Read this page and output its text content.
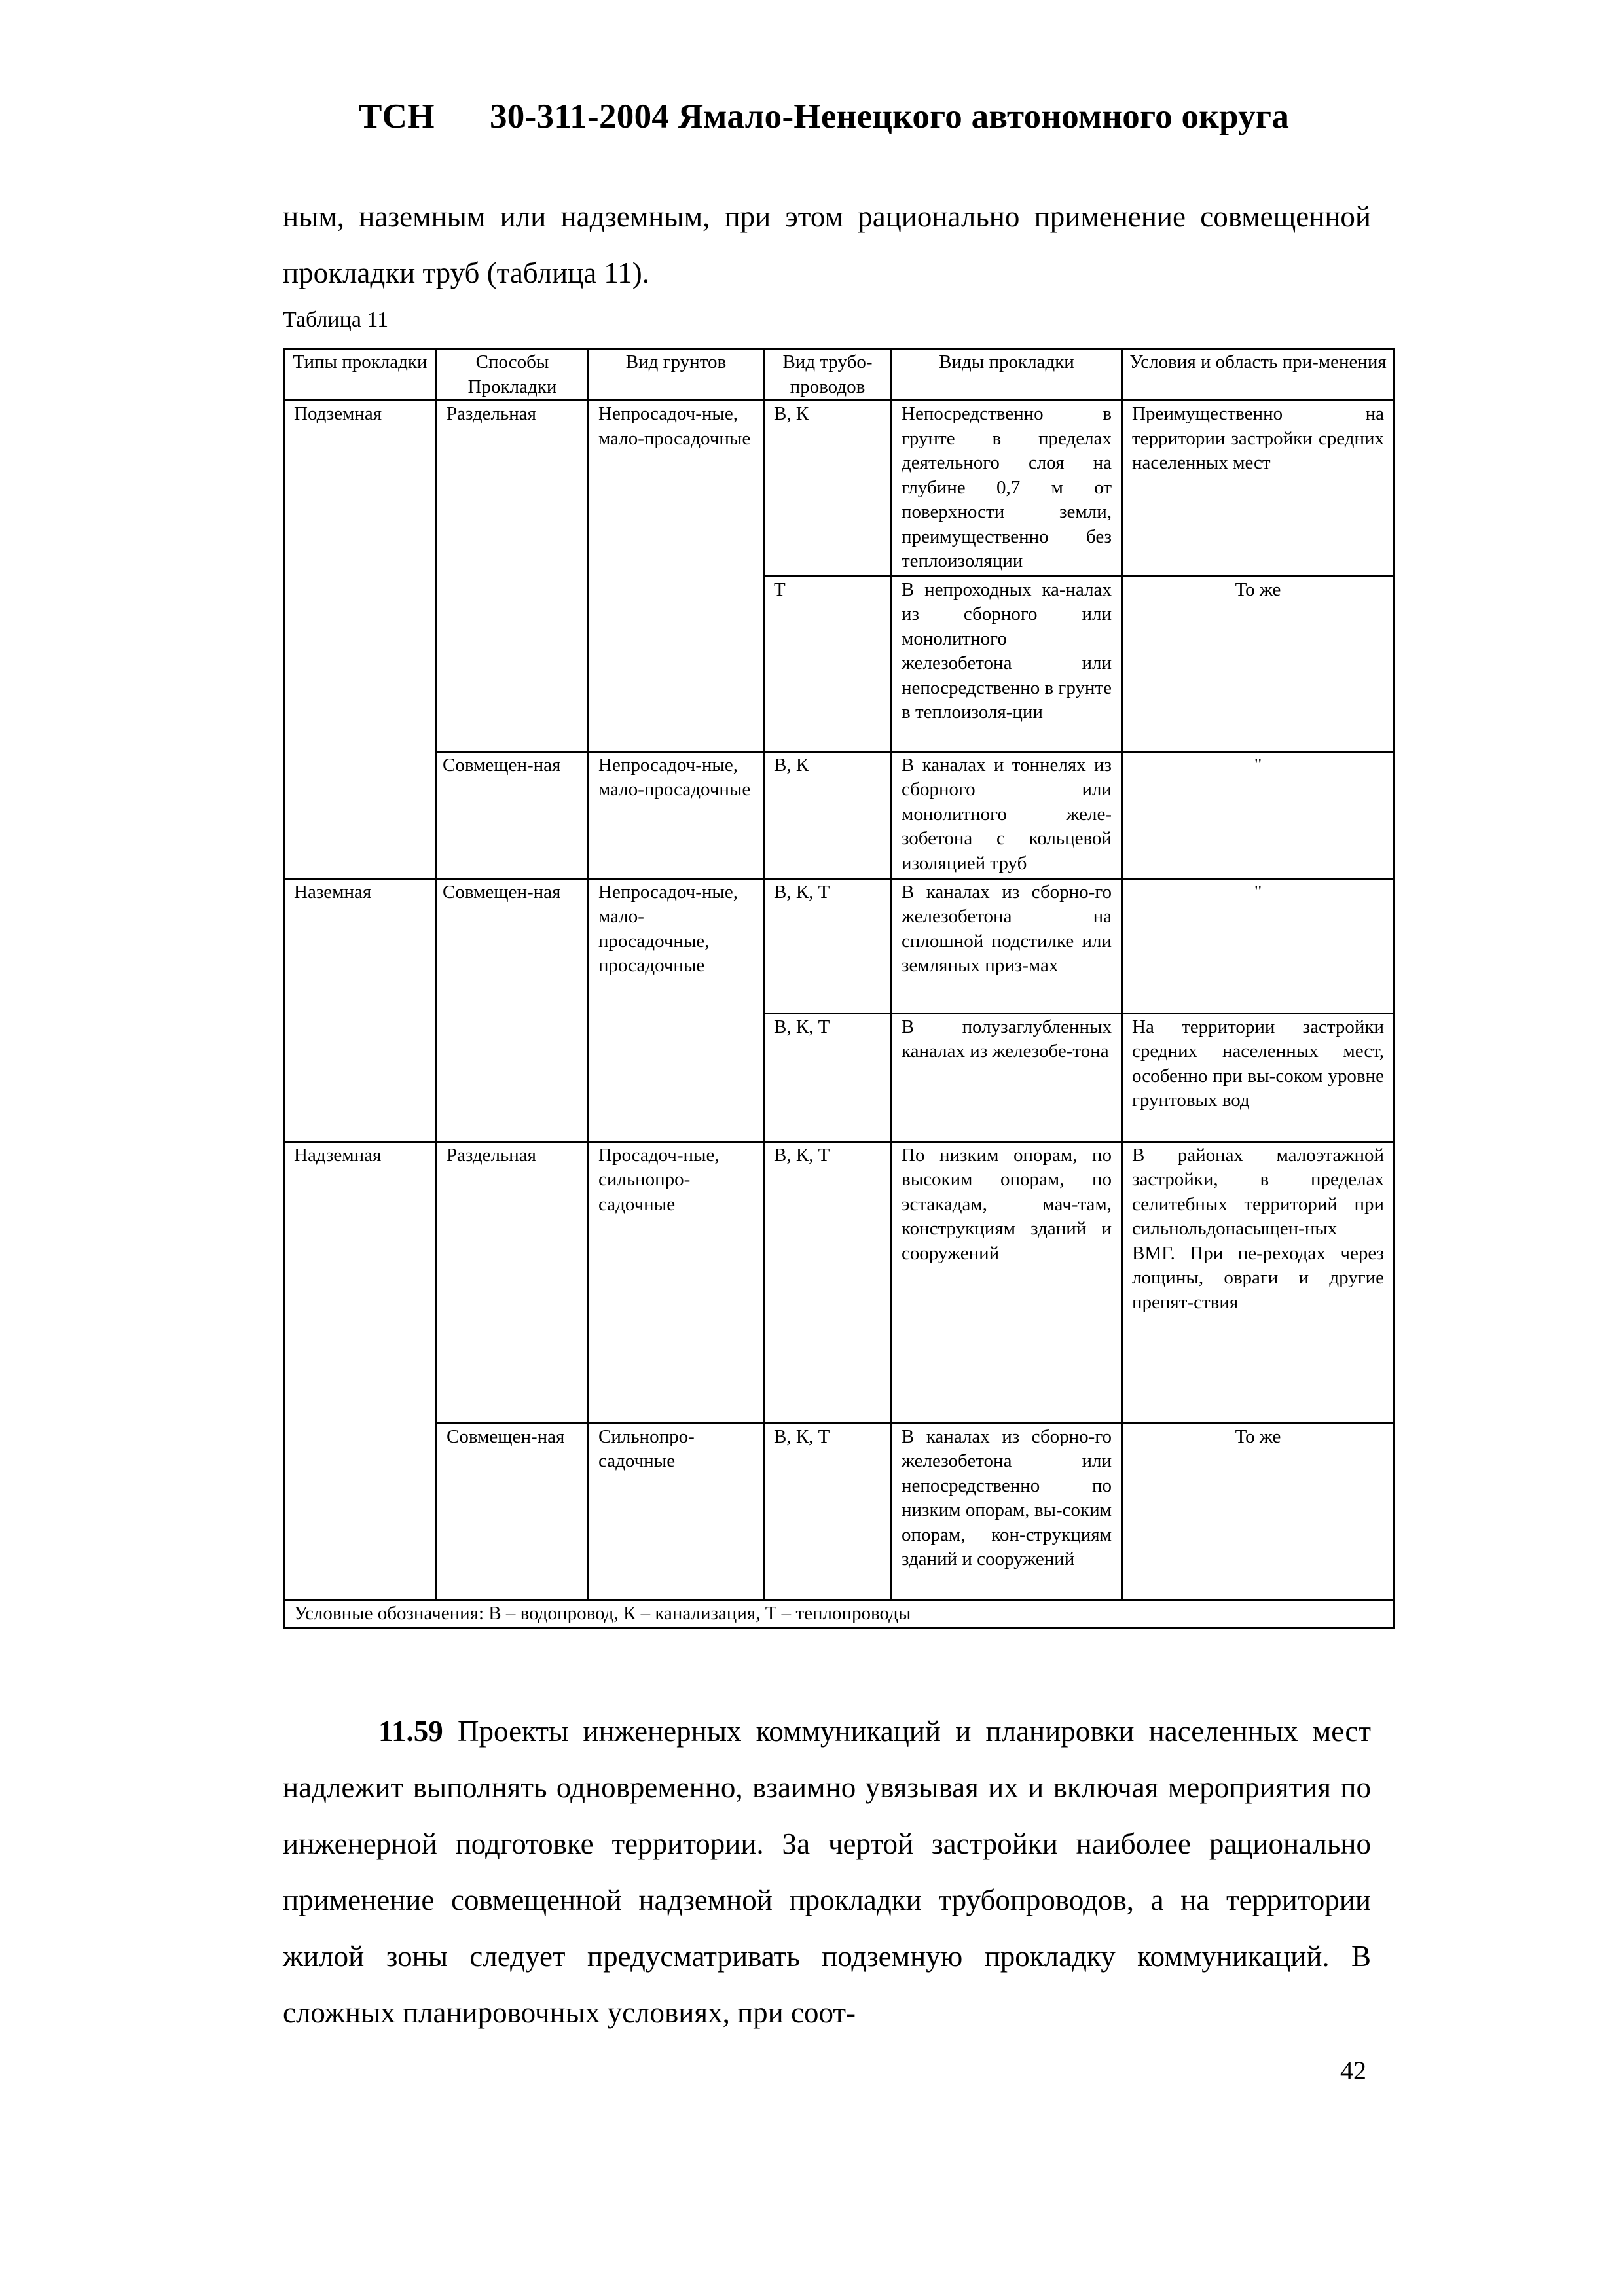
ТСН 30-311-2004 Ямало-Ненецкого автономного округа

ным, наземным или надземным, при этом рационально применение совмещенной прокладки труб (таблица 11).

Таблица 11
Типы прокладки	Способы Прокладки	Вид грунтов	Вид трубо-проводов	Виды прокладки	Условия и область при-менения
Подземная	Раздельная	Непросадоч-ные, мало-просадочные	В, К	Непосредственно в грунте в пределах деятельного слоя на глубине 0,7 м от поверхности земли, преимущественно без теплоизоляции	Преимущественно на территории застройки средних населенных мест
			Т	В непроходных ка-налах из сборного или монолитного железобетона или непосредственно в грунте в теплоизоля-ции	То же
	Совмещен-ная	Непросадоч-ные, мало-просадочные	В, К	В каналах и тоннелях из сборного или монолитного желе-зобетона с кольцевой изоляцией труб	"
Наземная	Совмещен-ная	Непросадоч-ные, мало-просадочные, просадочные	В, К, Т	В каналах из сборно-го железобетона на сплошной подстилке или земляных приз-мах	"
			В, К, Т	В полузаглубленных каналах из железобе-тона	На территории застройки средних населенных мест, особенно при вы-соком уровне грунтовых вод
Надземная	Раздельная	Просадоч-ные, сильнопро-садочные	В, К, Т	По низким опорам, по высоким опорам, по эстакадам, мач-там, конструкциям зданий и сооружений	В районах малоэтажной застройки, в пределах селитебных территорий при сильнольдонасыщен-ных ВМГ. При пе-реходах через лощины, овраги и другие препят-ствия
	Совмещен-ная	Сильнопро-садочные	В, К, Т	В каналах из сборно-го железобетона или непосредственно по низким опорам, вы-соким опорам, кон-струкциям зданий и сооружений	То же
Условные обозначения: В – водопровод, К – канализация, Т – теплопроводы					

11.59 Проекты инженерных коммуникаций и планировки населенных мест надлежит выполнять одновременно, взаимно увязывая их и включая мероприятия по инженерной подготовке территории. За чертой застройки наиболее рационально применение совмещенной надземной прокладки трубопроводов, а на территории жилой зоны следует предусматривать подземную прокладку коммуникаций. В сложных планировочных условиях, при соот-

42
